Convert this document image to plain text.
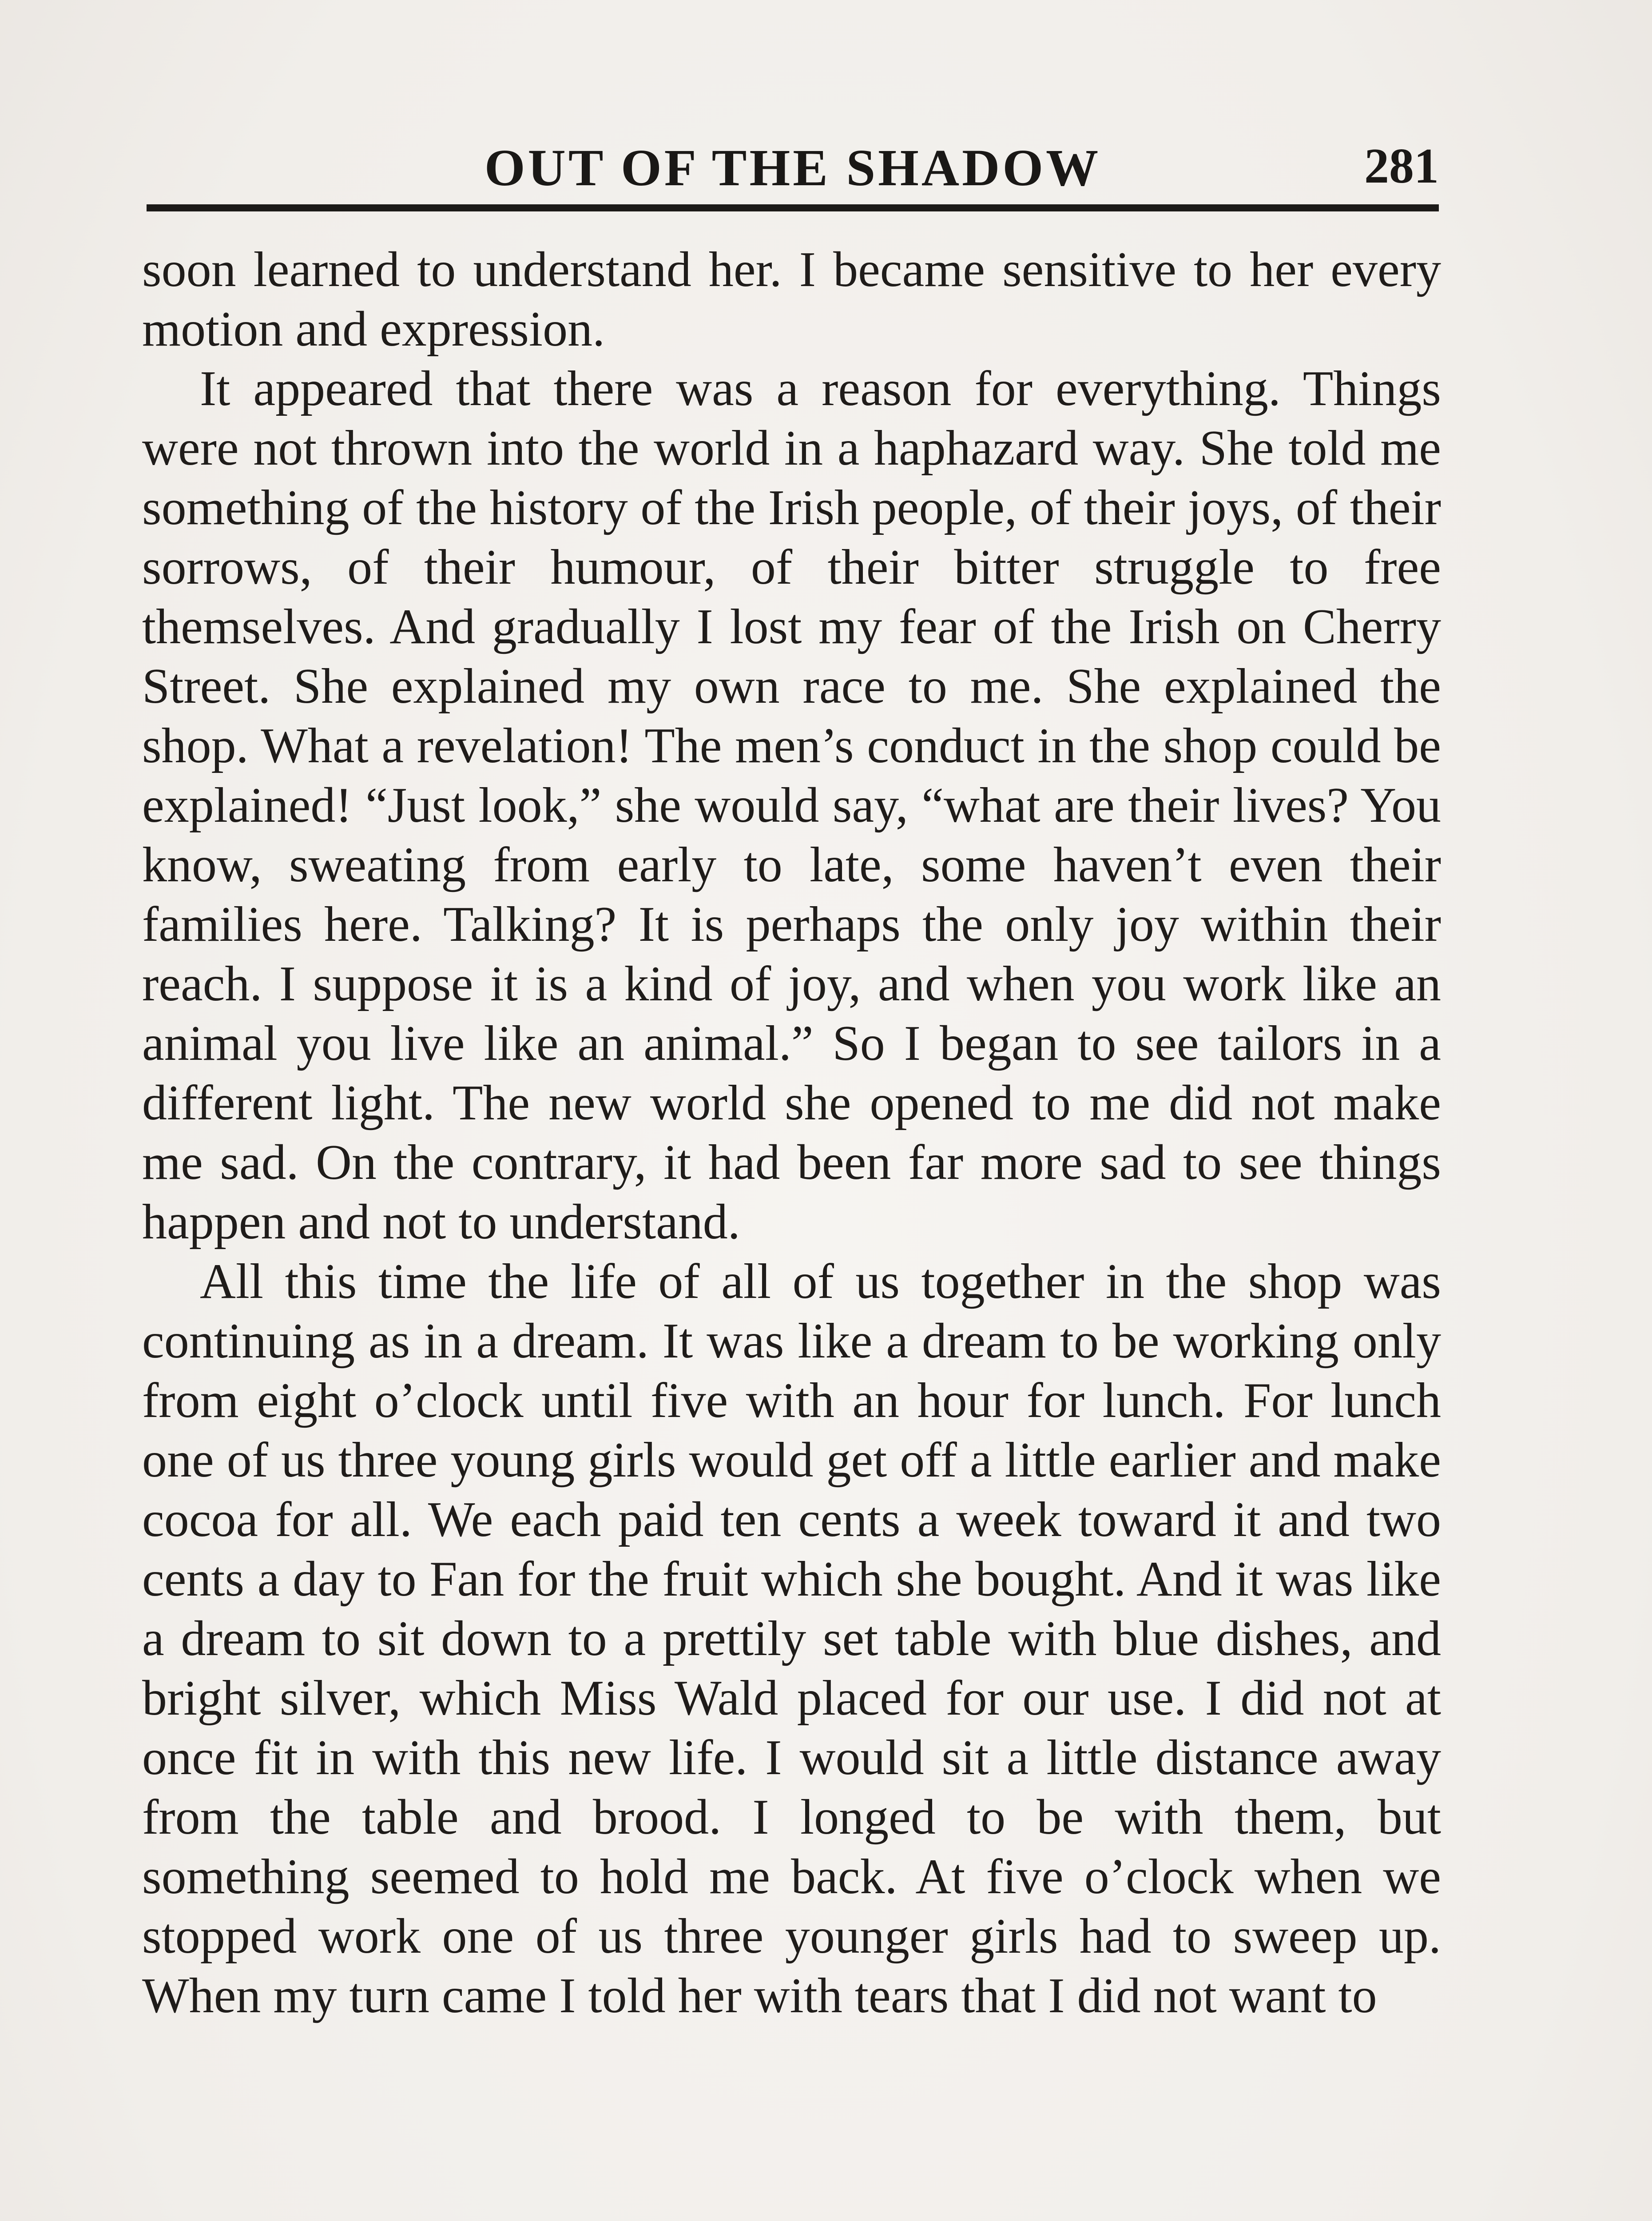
OUT OF THE SHADOW	281

soon learned to understand her. I became sensitive to her every motion and expression.

It appeared that there was a reason for everything. Things were not thrown into the world in a haphazard way. She told me something of the history of the Irish people, of their joys, of their sorrows, of their humour, of their bitter struggle to free themselves. And gradually I lost my fear of the Irish on Cherry Street. She explained my own race to me. She explained the shop. What a revelation! The men’s conduct in the shop could be explained! “Just look,” she would say, “what are their lives? You know, sweating from early to late, some haven’t even their families here. Talking? It is perhaps the only joy within their reach. I suppose it is a kind of joy, and when you work like an animal you live like an animal.” So I began to see tailors in a different light. The new world she opened to me did not make me sad. On the contrary, it had been far more sad to see things happen and not to understand.

All this time the life of all of us together in the shop was continuing as in a dream. It was like a dream to be working only from eight o’clock until five with an hour for lunch. For lunch one of us three young girls would get off a little earlier and make cocoa for all. We each paid ten cents a week toward it and two cents a day to Fan for the fruit which she bought. And it was like a dream to sit down to a prettily set table with blue dishes, and bright silver, which Miss Wald placed for our use. I did not at once fit in with this new life. I would sit a little distance away from the table and brood. I longed to be with them, but something seemed to hold me back. At five o’clock when we stopped work one of us three younger girls had to sweep up. When my turn came I told her with tears that I did not want to
